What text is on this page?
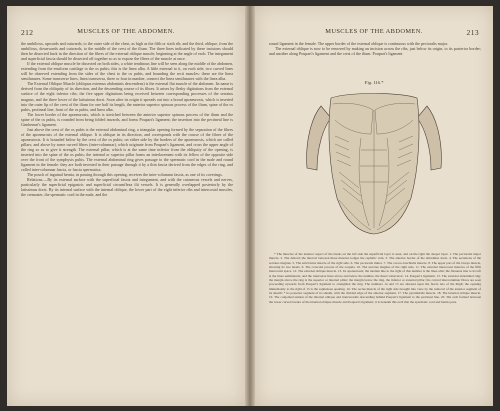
212	MUSCLES OF THE ABDOMEN.

the umbilicus, upwards and outwards, to the outer side of the chest, as high as the fifth or sixth rib; and the third, oblique, from the umbilicus, downwards and outwards, to the middle of the crest of the ilium. The three lines indicated by these incisions should then be dissected back in the direction of the fibres of the external oblique muscle, beginning at the angle of each. The integument and superficial fascia should be dissected off together so as to expose the fibres of the muscle at once.

If the external oblique muscle be dissected on both sides, a white tendinous line will be seen along the middle of the abdomen, extending from the ensiform cartilage to the os pubis; this is the linea alba. A little external to it, on each side, two curved lines will be observed extending from the sides of the chest to the os pubis, and bounding the recti muscles: these are the linea semilunares. Some transverse lines, linea transversa, three or four in number, connect the linea semilunares with the linea alba.

The External Oblique Muscle (obliquus externus abdominis descendens) is the external flat muscle of the abdomen. Its name is derived from the obliquity of its direction, and the descending course of its fibres. It arises by fleshy digitations from the external surface of the eight inferior ribs; the five upper digitations being received between corresponding processes of the serratus magnus, and the three lower of the latissimus dorsi. Soon after its origin it spreads out into a broad aponeurosis, which is inserted into the outer lip of the crest of the ilium for one half its length, the anterior superior spinous process of the ilium, spine of the os pubis, pectineal line, front of the os pubis, and linea alba.

The lower border of the aponeurosis, which is stretched between the anterior superior spinous process of the ilium and the spine of the os pubis, is rounded from being folded inwards, and forms Poupart's ligament; the insertion into the pectineal line is Gimbernat's ligament.

Just above the crest of the os pubis is the external abdominal ring, a triangular opening formed by the separation of the fibres of the aponeurosis of the external oblique. It is oblique in its direction, and corresponds with the course of the fibres of the aponeurosis. It is bounded below by the crest of the os pubis; on either side by the borders of the aponeurosis, which are called pillars; and above by some curved fibres (inter-columnar), which originate from Poupart's ligament, and cross the upper angle of the ring so as to give it strength. The external pillar, which is at the same time inferior from the obliquity of the opening, is inserted into the spine of the os pubis; the internal or superior pillar forms an interlacement with its fellow of the opposite side over the front of the symphysis pubis. The external abdominal ring gives passage to the spermatic cord in the male and round ligament in the female: they are both invested in their passage through it by a thin fascia derived from the edges of the ring, and called inter-columnar fascia, or fascia spermatica.

The pouch of inguinal hernia, in passing through this opening, receives the inter-columnar fascia, as one of its coverings.

Relations.—By its external surface with the superficial fascia and integument, and with the cutaneous vessels and nerves, particularly the superficial epigastric and superficial circumflexa ilii vessels. It is generally overlapped posteriorly by the latissimus dorsi. By its internal surface with the internal oblique, the lower part of the eight inferior ribs and intercostal muscles, the cremaster, the spermatic cord in the male, and the

MUSCLES OF THE ABDOMEN.	213

round ligament in the female. The upper border of the external oblique is continuous with the pectoralis major.

The external oblique is now to be removed by making an incision across the ribs, just below its origin, to its posterior border; and another along Poupart's ligament and the crest of the ilium. Poupart's ligament

Fig. 116.*

* The muscles of the anterior aspect of the trunk; on the left side the superficial layer is seen, and on the right the deeper layer. 1. The pectoralis major muscle. 2. The deltoid; the interval between these muscles lodges the cephalic vein. 3. The anterior border of the latissimus dorsi. 4. The serrations of the serratus magnus. 5. The subclavius muscle of the right side. 6. The pectoralis minor. 7. The coraco-brachialis muscle. 8. The upper part of the biceps muscle, showing its two heads. 9. The coracoid process of the scapula. 10. The serratus magnus of the right side. 11. The external intercostal muscles of the fifth intercostal space. 12. The external oblique muscle. 13. Its aponeurosis; the median line to the right of this number is the linea alba; the flexuous line to its left is the linea semilunaris; and the transverse lines above and below the number, the lineæ transversæ. 14. Poupart's ligament. 15. The external abdominal ring; the margin above the ring is the superior or internal pillar; the margin below the ring, the inferior or external pillar; the curved intercolumnar fibres are seen proceeding upwards from Poupart's ligament to strengthen the ring. The numbers 14 and 15 are situated upon the fascia lata of the thigh; the opening immediately to the right of 15 is the saphenous opening. 16. The rectus muscle of the right side brought into view by the removal of the anterior segment of its sheath: * its posterior segment of its sheath, with the divided edge of the anterior segment. 17. The pyramidalis muscle. 18. The internal oblique muscle. 19. The conjoined tendon of the internal oblique and transversalis descending behind Poupart's ligament to the pectineal line. 20. The arch formed between the lower curved border of the internal oblique muscle and Poupart's ligament; it is beneath this arch that the spermatic cord and hernia pass.
